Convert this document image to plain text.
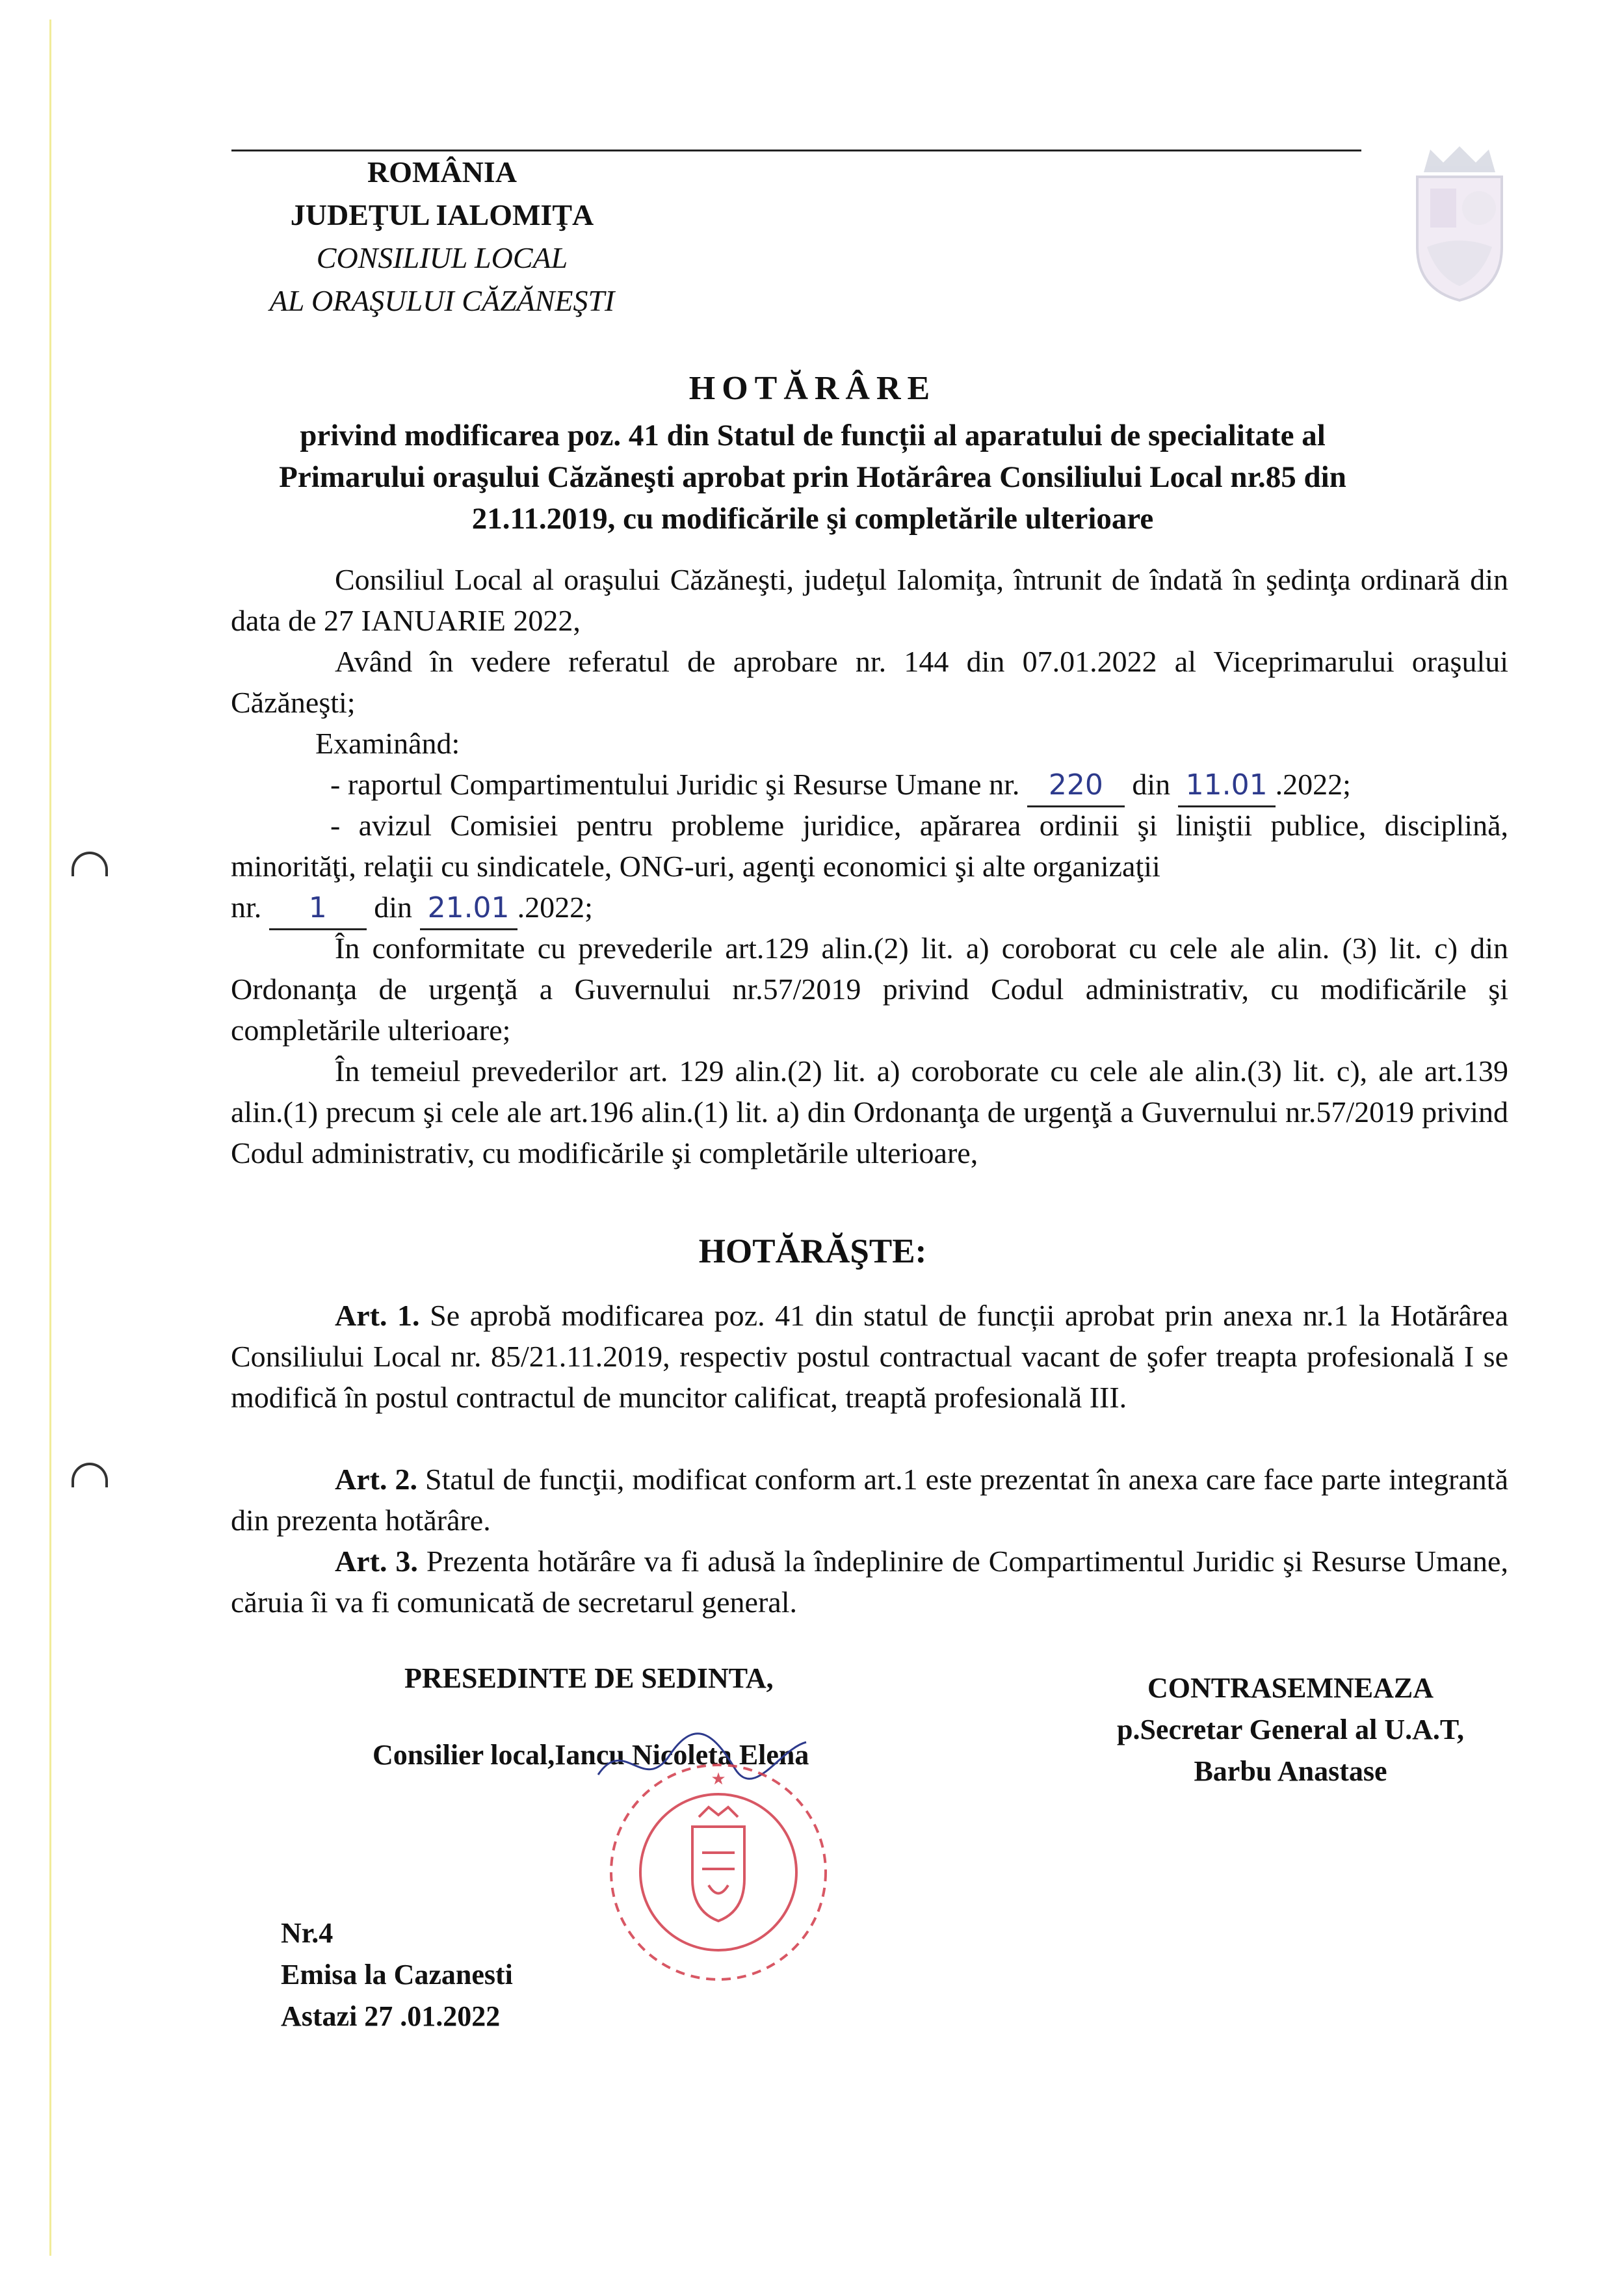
ROMÂNIA
JUDEŢUL IALOMIŢA
CONSILIUL LOCAL
AL ORAŞULUI CĂZĂNEŞTI
HOTĂRÂRE
privind modificarea poz. 41 din Statul de funcții al aparatului de specialitate al
Primarului oraşului Căzăneşti aprobat prin Hotărârea Consiliului Local nr.85 din
21.11.2019, cu modificările şi completările ulterioare
Consiliul Local al oraşului Căzăneşti, judeţul Ialomiţa, întrunit de îndată în şedinţa ordinară din data de 27 IANUARIE 2022,
Având în vedere referatul de aprobare nr. 144 din 07.01.2022 al Viceprimarului oraşului Căzăneşti;
Examinând:
- raportul Compartimentului Juridic şi Resurse Umane nr. 220 din 11.01 .2022;
- avizul Comisiei pentru probleme juridice, apărarea ordinii şi liniştii publice, disciplină, minorităţi, relaţii cu sindicatele, ONG-uri, agenţi economici şi alte organizaţii
nr. 1 din 21.01 .2022;
În conformitate cu prevederile art.129 alin.(2) lit. a) coroborat cu cele ale alin. (3) lit. c) din Ordonanţa de urgenţă a Guvernului nr.57/2019 privind Codul administrativ, cu modificările şi completările ulterioare;
În temeiul prevederilor art. 129 alin.(2) lit. a) coroborate cu cele ale alin.(3) lit. c), ale art.139 alin.(1) precum şi cele ale art.196 alin.(1) lit. a) din Ordonanţa de urgenţă a Guvernului nr.57/2019 privind Codul administrativ, cu modificările şi completările ulterioare,
HOTĂRĂŞTE:
Art. 1. Se aprobă modificarea poz. 41 din statul de funcții aprobat prin anexa nr.1 la Hotărârea Consiliului Local nr. 85/21.11.2019, respectiv postul contractual vacant de şofer treapta profesională I se modifică în postul contractul de muncitor calificat, treaptă profesională III.
Art. 2. Statul de funcţii, modificat conform art.1 este prezentat în anexa care face parte integrantă din prezenta hotărâre.
Art. 3. Prezenta hotărâre va fi adusă la îndeplinire de Compartimentul Juridic şi Resurse Umane, căruia îi va fi comunicată de secretarul general.
PRESEDINTE DE SEDINTA,
Consilier local,Iancu Nicoleta Elena
CONTRASEMNEAZA
p.Secretar General al U.A.T,
Barbu Anastase
★
Nr.4
Emisa la Cazanesti
Astazi 27 .01.2022
